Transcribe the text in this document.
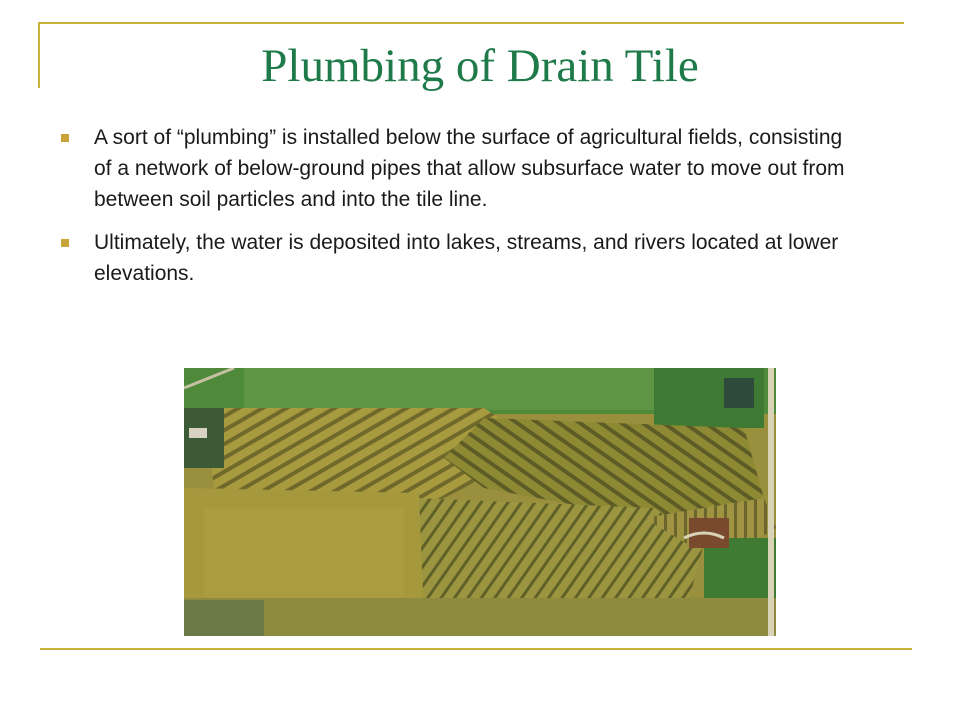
Plumbing of Drain Tile
A sort of “plumbing” is installed below the surface of agricultural fields, consisting of a network of below-ground pipes that allow subsurface water to move out from between soil particles and into the tile line.
Ultimately, the water is deposited into lakes, streams, and rivers located at lower elevations.
